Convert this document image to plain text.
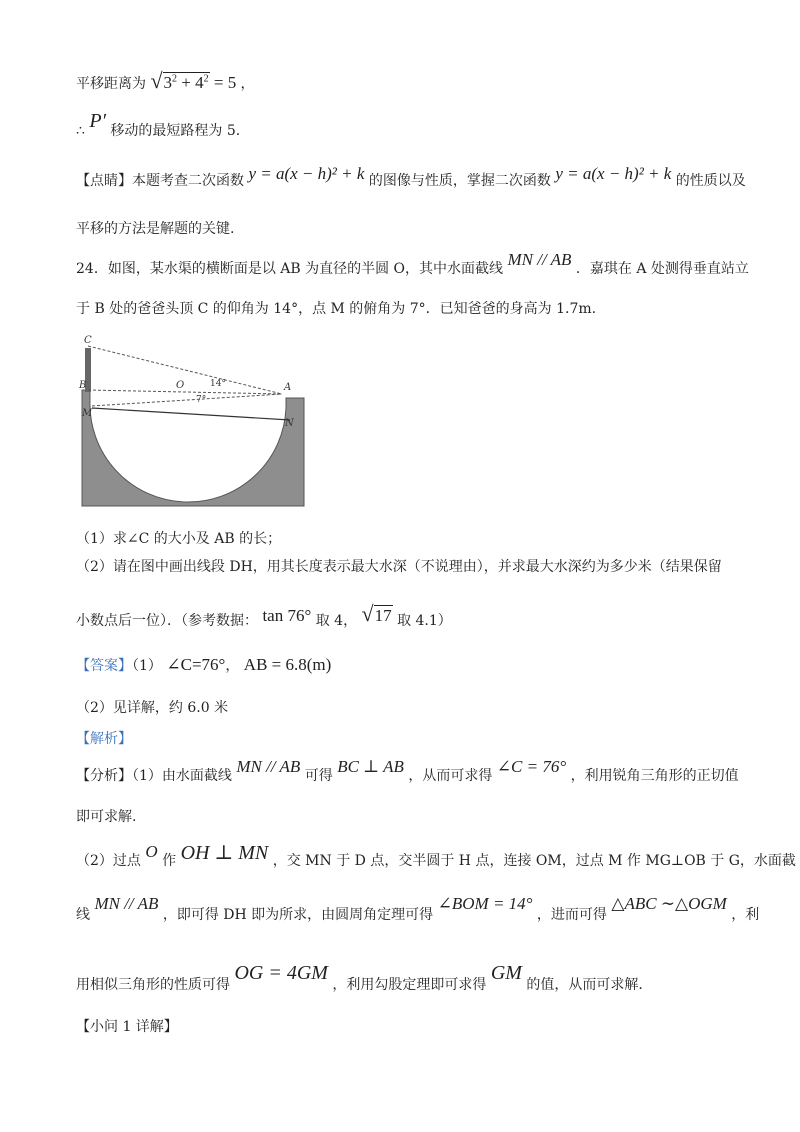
平移距离为 $√3^2 + 4^2 = 5$ ，
∴ P′ 移动的最短路程为 5.
【点睛】本题考查二次函数 y = a(x − h)² + k 的图像与性质，掌握二次函数 y = a(x − h)² + k 的性质以及
平移的方法是解题的关键.
24．如图，某水渠的横断面是以 AB 为直径的半圆 O，其中水面截线 MN // AB ．嘉琪在 A 处测得垂直站立
于 B 处的爸爸头顶 C 的仰角为 14°，点 M 的俯角为 7°．已知爸爸的身高为 1.7m.
C
B
M
O	A
N
14°
7°
（1）求∠C 的大小及 AB 的长；
（2）请在图中画出线段 DH，用其长度表示最大水深（不说理由），并求最大水深约为多少米（结果保留
小数点后一位）．（参考数据： tan 76° 取 4， √17 取 4.1）
【答案】（1） ∠C=76°， AB = 6.8(m)
（2）见详解，约 6.0 米
【解析】
【分析】（1）由水面截线 MN // AB 可得 BC ⊥ AB ，从而可求得 ∠C = 76° ，利用锐角三角形的正切值
即可求解.
（2）过点 O 作 OH ⊥ MN ，交 MN 于 D 点，交半圆于 H 点，连接 OM，过点 M 作 MG⊥OB 于 G，水面截
线 MN // AB ，即可得 DH 即为所求，由圆周角定理可得 ∠BOM = 14° ，进而可得 △ABC ∼△OGM ，利
用相似三角形的性质可得 OG = 4GM ，利用勾股定理即可求得 GM 的值，从而可求解.
【小问 1 详解】
